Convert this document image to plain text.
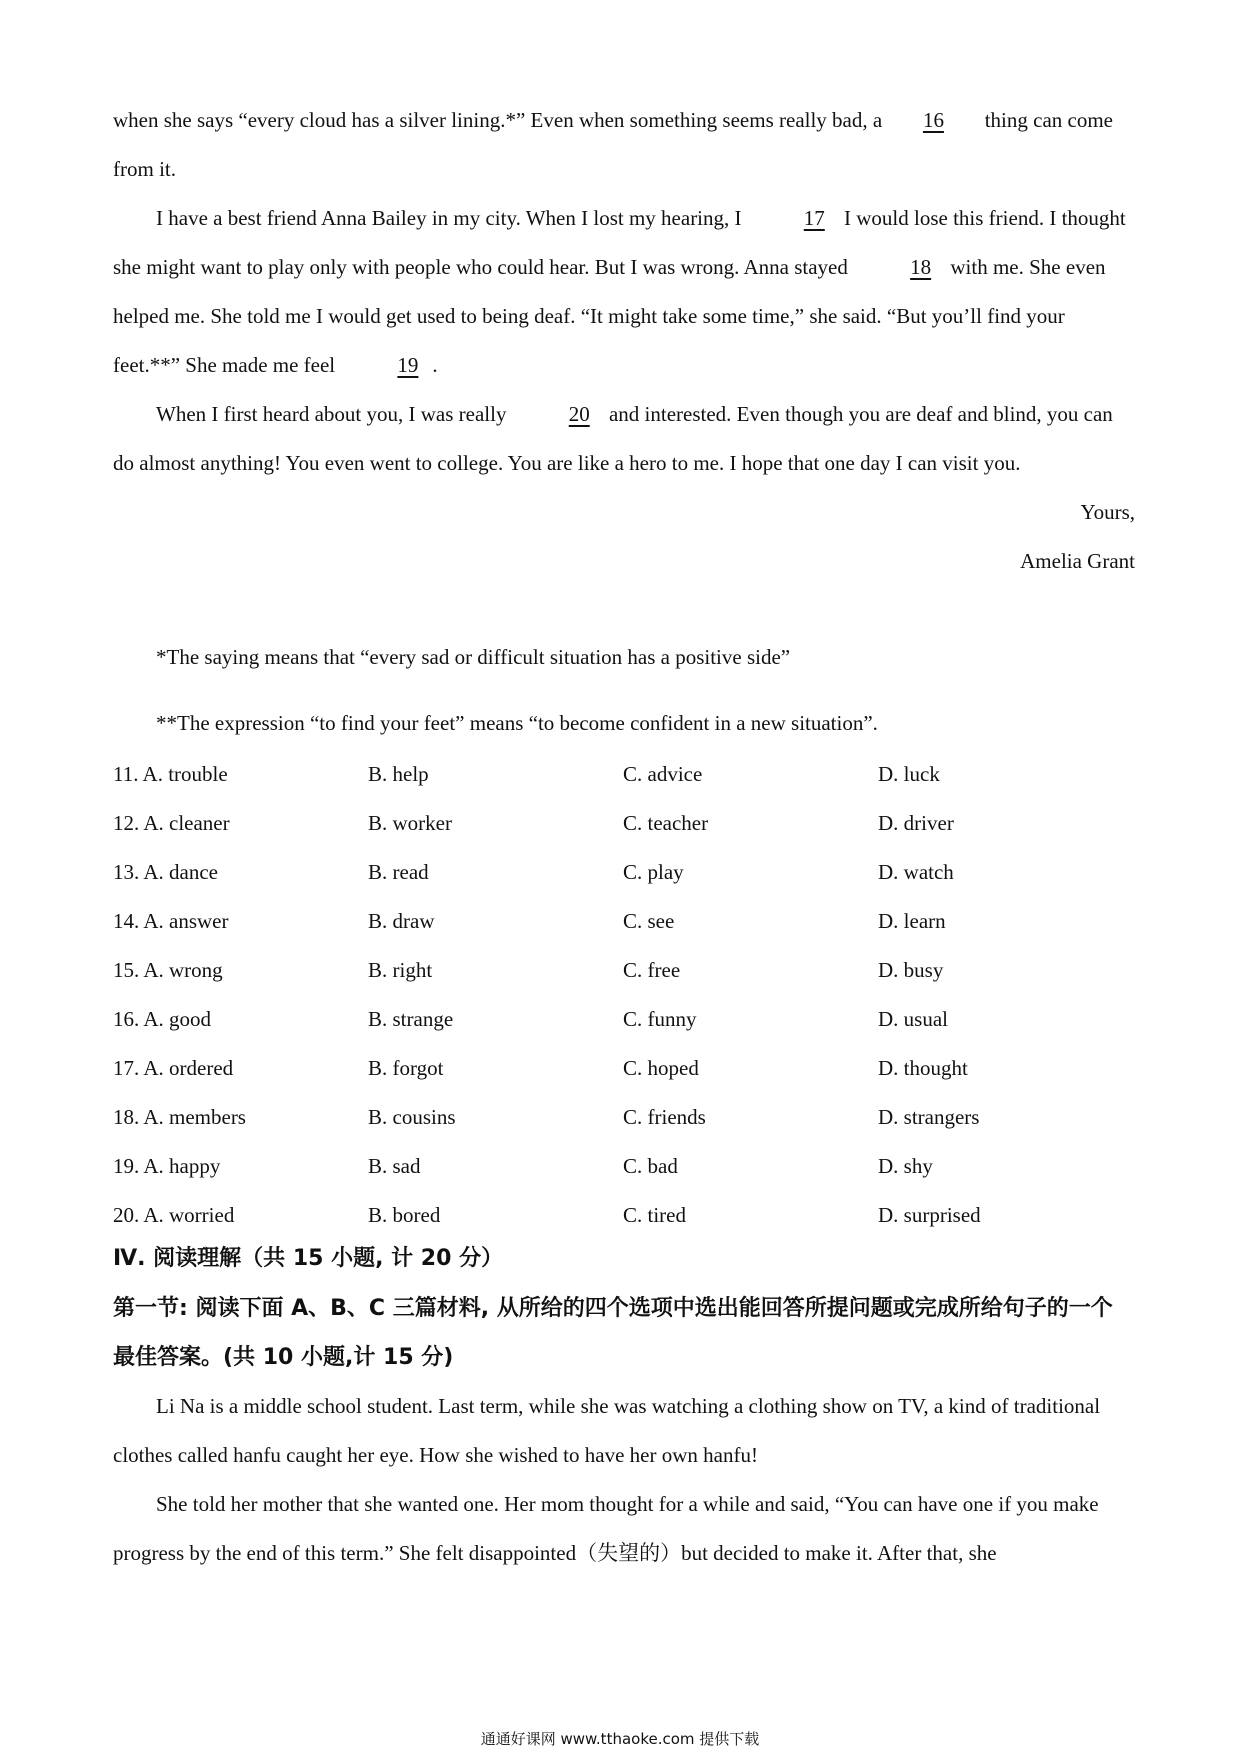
when she says “every cloud has a silver lining.*” Even when something seems really bad, a 16 thing can come from it.

I have a best friend Anna Bailey in my city. When I lost my hearing, I	17 I would lose this friend. I thought she might want to play only with people who could hear. But I was wrong. Anna stayed	18 with me. She even helped me. She told me I would get used to being deaf. “It might take some time,” she said. “But you’ll find your feet.**” She made me feel	19 .

When I first heard about you, I was really	20 and interested. Even though you are deaf and blind, you can do almost anything! You even went to college. You are like a hero to me. I hope that one day I can visit you.

Yours,

Amelia Grant

*The saying means that “every sad or difficult situation has a positive side”
**The expression “to find your feet” means “to become confident in a new situation”.
11. A. trouble	B. help	C. advice	D. luck
12. A. cleaner	B. worker	C. teacher	D. driver
13. A. dance	B. read	C. play	D. watch
14. A. answer	B. draw	C. see	D. learn
15. A. wrong	B. right	C. free	D. busy
16. A. good	B. strange	C. funny	D. usual
17. A. ordered	B. forgot	C. hoped	D. thought
18. A. members	B. cousins	C. friends	D. strangers
19. A. happy	B. sad	C. bad	D. shy
20. A. worried	B. bored	C. tired	D. surprised
Ⅳ. 阅读理解（共 15 小题, 计 20 分）
第一节: 阅读下面 A、B、C 三篇材料, 从所给的四个选项中选出能回答所提问题或完成所给句子的一个最佳答案。(共 10 小题,计 15 分)

Li Na is a middle school student. Last term, while she was watching a clothing show on TV, a kind of traditional clothes called hanfu caught her eye. How she wished to have her own hanfu!

She told her mother that she wanted one. Her mom thought for a while and said, “You can have one if you make progress by the end of this term.” She felt disappointed（失望的）but decided to make it. After that, she

通通好课网 www.tthaoke.com 提供下载
